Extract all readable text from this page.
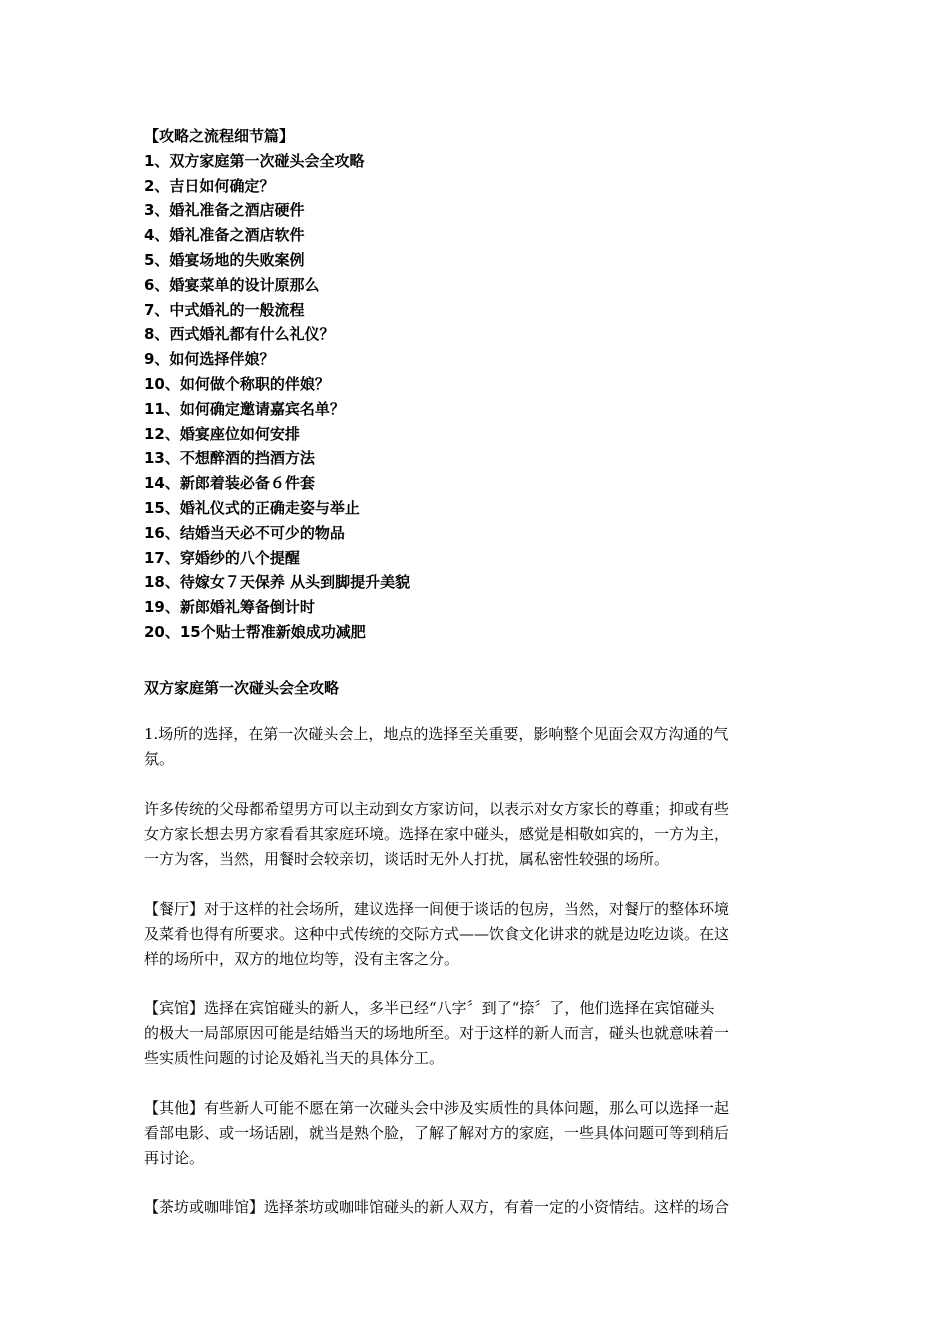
【攻略之流程细节篇】
1、双方家庭第一次碰头会全攻略
2、吉日如何确定？
3、婚礼准备之酒店硬件
4、婚礼准备之酒店软件
5、婚宴场地的失败案例
6、婚宴菜单的设计原那么
7、中式婚礼的一般流程
8、西式婚礼都有什么礼仪？
9、如何选择伴娘？
10、如何做个称职的伴娘？
11、如何确定邀请嘉宾名单？
12、婚宴座位如何安排
13、不想醉酒的挡酒方法
14、新郎着装必备６件套
15、婚礼仪式的正确走姿与举止
16、结婚当天必不可少的物品
17、穿婚纱的八个提醒
18、待嫁女７天保养 从头到脚提升美貌
19、新郎婚礼筹备倒计时
20、15个贴士帮准新娘成功减肥
双方家庭第一次碰头会全攻略

1.场所的选择，在第一次碰头会上，地点的选择至关重要，影响整个见面会双方沟通的气
氛。

许多传统的父母都希望男方可以主动到女方家访问，以表示对女方家长的尊重；抑或有些
女方家长想去男方家看看其家庭环境。选择在家中碰头，感觉是相敬如宾的，一方为主，
一方为客，当然，用餐时会较亲切，谈话时无外人打扰，属私密性较强的场所。

【餐厅】对于这样的社会场所，建议选择一间便于谈话的包房，当然，对餐厅的整体环境
及菜肴也得有所要求。这种中式传统的交际方式——饮食文化讲求的就是边吃边谈。在这
样的场所中，双方的地位均等，没有主客之分。

【宾馆】选择在宾馆碰头的新人，多半已经“八字〞到了“捺〞了，他们选择在宾馆碰头
的极大一局部原因可能是结婚当天的场地所至。对于这样的新人而言，碰头也就意味着一
些实质性问题的讨论及婚礼当天的具体分工。

【其他】有些新人可能不愿在第一次碰头会中涉及实质性的具体问题，那么可以选择一起
看部电影、或一场话剧，就当是熟个脸，了解了解对方的家庭，一些具体问题可等到稍后
再讨论。

【茶坊或咖啡馆】选择茶坊或咖啡馆碰头的新人双方，有着一定的小资情结。这样的场合
